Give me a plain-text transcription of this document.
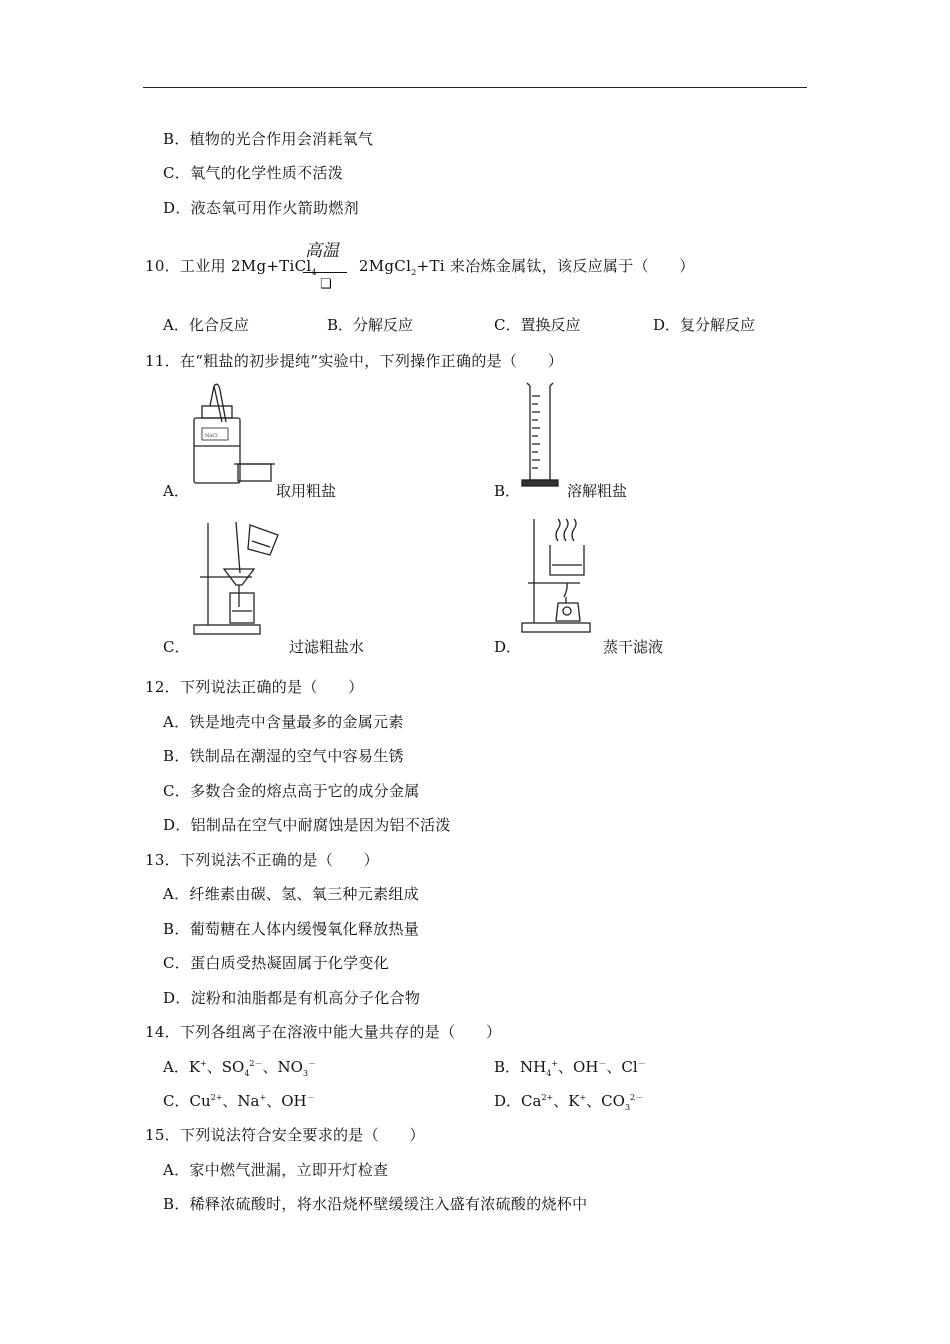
B．植物的光合作用会消耗氧气
C．氧气的化学性质不活泼
D．液态氧可用作火箭助燃剂
10．工业用 2Mg+TiCl$_4$	2MgCl$_2$+Ti 来冶炼金属钛，该反应属于（　　）
高温
❑
A．化合反应	B．分解反应	C．置换反应	D．复分解反应
11．在“粗盐的初步提纯”实验中，下列操作正确的是（　　）
NaCl
A．	取用粗盐	B．	溶解粗盐
C．	过滤粗盐水	D．	蒸干滤液
12．下列说法正确的是（　　）
A．铁是地壳中含量最多的金属元素
B．铁制品在潮湿的空气中容易生锈
C．多数合金的熔点高于它的成分金属
D．铝制品在空气中耐腐蚀是因为铝不活泼
13．下列说法不正确的是（　　）
A．纤维素由碳、氢、氧三种元素组成
B．葡萄糖在人体内缓慢氧化释放热量
C．蛋白质受热凝固属于化学变化
D．淀粉和油脂都是有机高分子化合物
14．下列各组离子在溶液中能大量共存的是（　　）
A．K+、$SO_4^{2-}$、$NO_3^-$	B．$NH_4^+$、OH－、Cl－
C．$Cu^{2+}$、Na+、OH－	D．$Ca^{2+}$、K+、$CO_3^{2-}$
15．下列说法符合安全要求的是（　　）
A．家中燃气泄漏，立即开灯检查
B．稀释浓硫酸时，将水沿烧杯壁缓缓注入盛有浓硫酸的烧杯中
